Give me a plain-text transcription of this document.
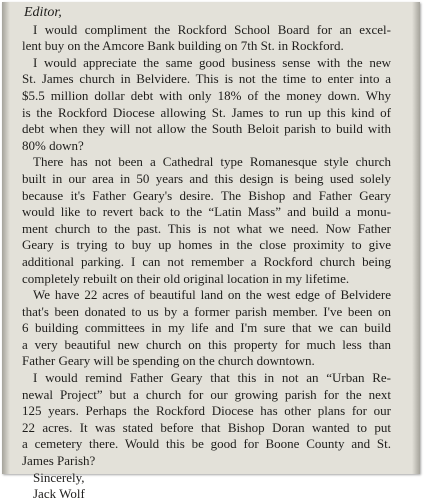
Editor,
I would compliment the Rockford School Board for an excel-
lent buy on the Amcore Bank building on 7th St. in Rockford.
I would appreciate the same good business sense with the new
St. James church in Belvidere. This is not the time to enter into a
$5.5 million dollar debt with only 18% of the money down. Why
is the Rockford Diocese allowing St. James to run up this kind of
debt when they will not allow the South Beloit parish to build with
80% down?
There has not been a Cathedral type Romanesque style church
built in our area in 50 years and this design is being used solely
because it's Father Geary's desire. The Bishop and Father Geary
would like to revert back to the “Latin Mass” and build a monu-
ment church to the past. This is not what we need. Now Father
Geary is trying to buy up homes in the close proximity to give
additional parking. I can not remember a Rockford church being
completely rebuilt on their old original location in my lifetime.
We have 22 acres of beautiful land on the west edge of Belvidere
that's been donated to us by a former parish member. I've been on
6 building committees in my life and I'm sure that we can build
a very beautiful new church on this property for much less than
Father Geary will be spending on the church downtown.
I would remind Father Geary that this in not an “Urban Re-
newal Project” but a church for our growing parish for the next
125 years. Perhaps the Rockford Diocese has other plans for our
22 acres. It was stated before that Bishop Doran wanted to put
a cemetery there. Would this be good for Boone County and St.
James Parish?
Sincerely,
Jack Wolf
